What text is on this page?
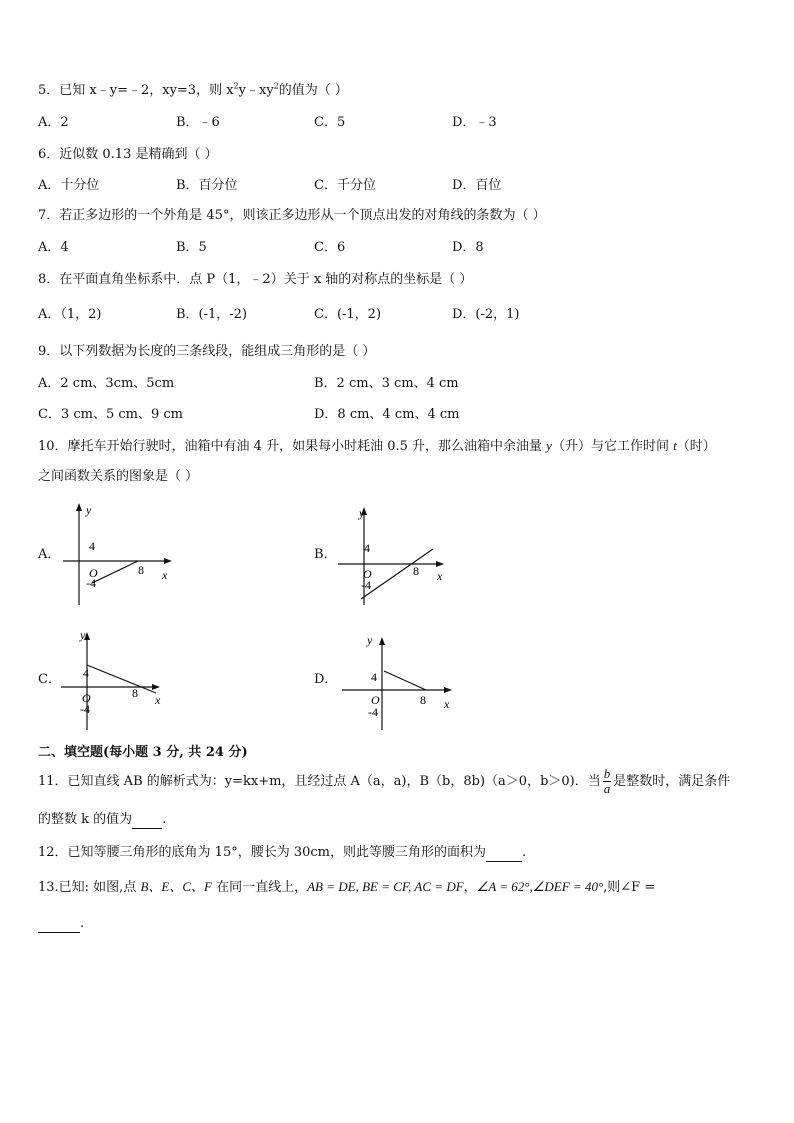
5．已知 x﹣y=﹣2，xy=3，则 $x^2y﹣xy^2$的值为（ ）
A．2	B．﹣6	C．5	D．﹣3
6．近似数 0.13 是精确到（ ）
A．十分位	B．百分位	C．千分位	D．百位
7．若正多边形的一个外角是 45°，则该正多边形从一个顶点出发的对角线的条数为（ ）
A．4	B．5	C．6	D．8
8．在平面直角坐标系中．点 P（1，﹣2）关于 x 轴的对称点的坐标是（ ）
A．（1，2)	B．(-1，-2)	C．(-1，2)	D．(-2，1)
9．以下列数据为长度的三条线段，能组成三角形的是（ ）
A．2 cm、3cm、5cm	B．2 cm、3 cm、4 cm
C．3 cm、5 cm、9 cm	D．8 cm、4 cm、4 cm
10．摩托车开始行驶时，油箱中有油 4 升，如果每小时耗油 0.5 升，那么油箱中余油量 y（升）与它工作时间 t（时）
之间函数关系的图象是（ ）
A．	B．
C．	D．
y
4
O
-4
8 x
y
4
O
-4
8 x
y
4
O
-4
8 x
y
4
O
-4
8 x
二、填空题(每小题 3 分, 共 24 分)
11．已知直线 AB 的解析式为：y=kx+m，且经过点 A（a，a)，B（b，8b)（a＞0，b＞0)．当 $\frac{b}{a}$ 是整数时，满足条件
的整数 k 的值为 .
12．已知等腰三角形的底角为 15°，腰长为 30cm，则此等腰三角形的面积为	.
13.已知: 如图,点 B、E、C、F 在同一直线上，AB = DE, BE = CF, AC = DF，∠A = 62°,∠DEF = 40°,则∠F =
.
